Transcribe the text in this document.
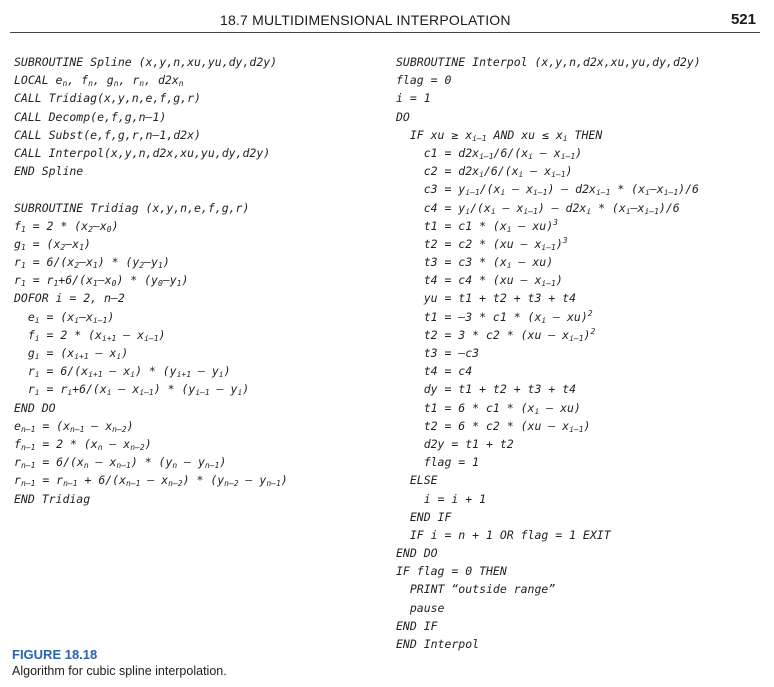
18.7 MULTIDIMENSIONAL INTERPOLATION	521
SUBROUTINE Spline (x,y,n,xu,yu,dy,d2y)
LOCAL $e_n$, $f_n$, $g_n$, $r_n$, $d2x_n$
CALL Tridiag(x,y,n,e,f,g,r)
CALL Decomp(e,f,g,n–1)
CALL Subst(e,f,g,r,n–1,d2x)
CALL Interpol(x,y,n,d2x,xu,yu,dy,d2y)
END Spline

SUBROUTINE Tridiag (x,y,n,e,f,g,r)
$f_1 = 2 * (x_2-x_0)$
$g_1 = (x_2-x_1)$
$r_1 = 6/(x_2-x_1) * (y_2-y_1)$
$r_1 = r_1+6/(x_1-x_0) * (y_0-y_1)$
DOFOR i = 2, n–2
$e_i = (x_i-x_{i-1})$
$f_i = 2 * (x_{i+1} - x_{i-1})$
$g_i = (x_{i+1} - x_i)$
$r_i = 6/(x_{i+1} - x_i) * (y_{i+1} - y_i)$
$r_i = r_i+6/(x_i - x_{i-1}) * (y_{i-1} - y_i)$
END DO
$e_{n-1} = (x_{n-1} - x_{n-2})$
$f_{n-1} = 2 * (x_n - x_{n-2})$
$r_{n-1} = 6/(x_n - x_{n-1}) * (y_n - y_{n-1})$
$r_{n-1} = r_{n-1} + 6/(x_{n-1} - x_{n-2}) * (y_{n-2} - y_{n-1})$
END Tridiag
SUBROUTINE Interpol (x,y,n,d2x,xu,yu,dy,d2y)
flag = 0
i = 1
DO
IF xu ≥ $x_{i-1}$ AND xu ≤ $x_i$ THEN
$c1 = d2x_{i-1}/6/(x_i - x_{i-1})$
$c2 = d2x_i/6/(x_i - x_{i-1})$
$c3 = y_{i-1}/(x_i - x_{i-1}) - d2x_{i-1} * (x_i-x_{i-1})/6$
$c4 = y_i/(x_i - x_{i-1}) - d2x_i * (x_i-x_{i-1})/6$
$t1 = c1 * (x_i - xu)^3$
$t2 = c2 * (xu - x_{i-1})^3$
$t3 = c3 * (x_i - xu)$
$t4 = c4 * (xu - x_{i-1})$
yu = t1 + t2 + t3 + t4
$t1 = -3 * c1 * (x_i - xu)^2$
$t2 = 3 * c2 * (xu - x_{i-1})^2$
t3 = –c3
t4 = c4
dy = t1 + t2 + t3 + t4
$t1 = 6 * c1 * (x_i - xu)$
$t2 = 6 * c2 * (xu - x_{i-1})$
d2y = t1 + t2
flag = 1
ELSE
i = i + 1
END IF
IF i = n + 1 OR flag = 1 EXIT
END DO
IF flag = 0 THEN
PRINT “outside range”
pause
END IF
END Interpol
FIGURE 18.18
Algorithm for cubic spline interpolation.
